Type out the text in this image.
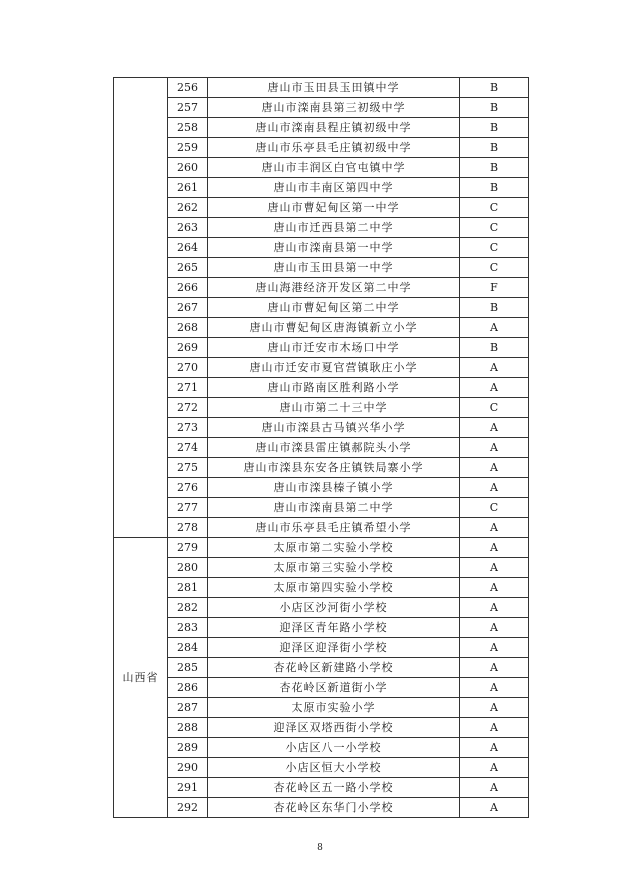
	256	唐山市玉田县玉田镇中学	B
	257	唐山市滦南县第三初级中学	B
	258	唐山市滦南县程庄镇初级中学	B
	259	唐山市乐亭县毛庄镇初级中学	B
	260	唐山市丰润区白官屯镇中学	B
	261	唐山市丰南区第四中学	B
	262	唐山市曹妃甸区第一中学	C
	263	唐山市迁西县第二中学	C
	264	唐山市滦南县第一中学	C
	265	唐山市玉田县第一中学	C
	266	唐山海港经济开发区第二中学	F
	267	唐山市曹妃甸区第二中学	B
	268	唐山市曹妃甸区唐海镇新立小学	A
	269	唐山市迁安市木场口中学	B
	270	唐山市迁安市夏官营镇耿庄小学	A
	271	唐山市路南区胜利路小学	A
	272	唐山市第二十三中学	C
	273	唐山市滦县古马镇兴华小学	A
	274	唐山市滦县雷庄镇郝院头小学	A
	275	唐山市滦县东安各庄镇铁局寨小学	A
	276	唐山市滦县榛子镇小学	A
	277	唐山市滦南县第二中学	C
	278	唐山市乐亭县毛庄镇希望小学	A
山西省	279	太原市第二实验小学校	A
	280	太原市第三实验小学校	A
	281	太原市第四实验小学校	A
	282	小店区沙河街小学校	A
	283	迎泽区青年路小学校	A
	284	迎泽区迎泽街小学校	A
	285	杏花岭区新建路小学校	A
	286	杏花岭区新道街小学	A
	287	太原市实验小学	A
	288	迎泽区双塔西街小学校	A
	289	小店区八一小学校	A
	290	小店区恒大小学校	A
	291	杏花岭区五一路小学校	A
	292	杏花岭区东华门小学校	A
8
